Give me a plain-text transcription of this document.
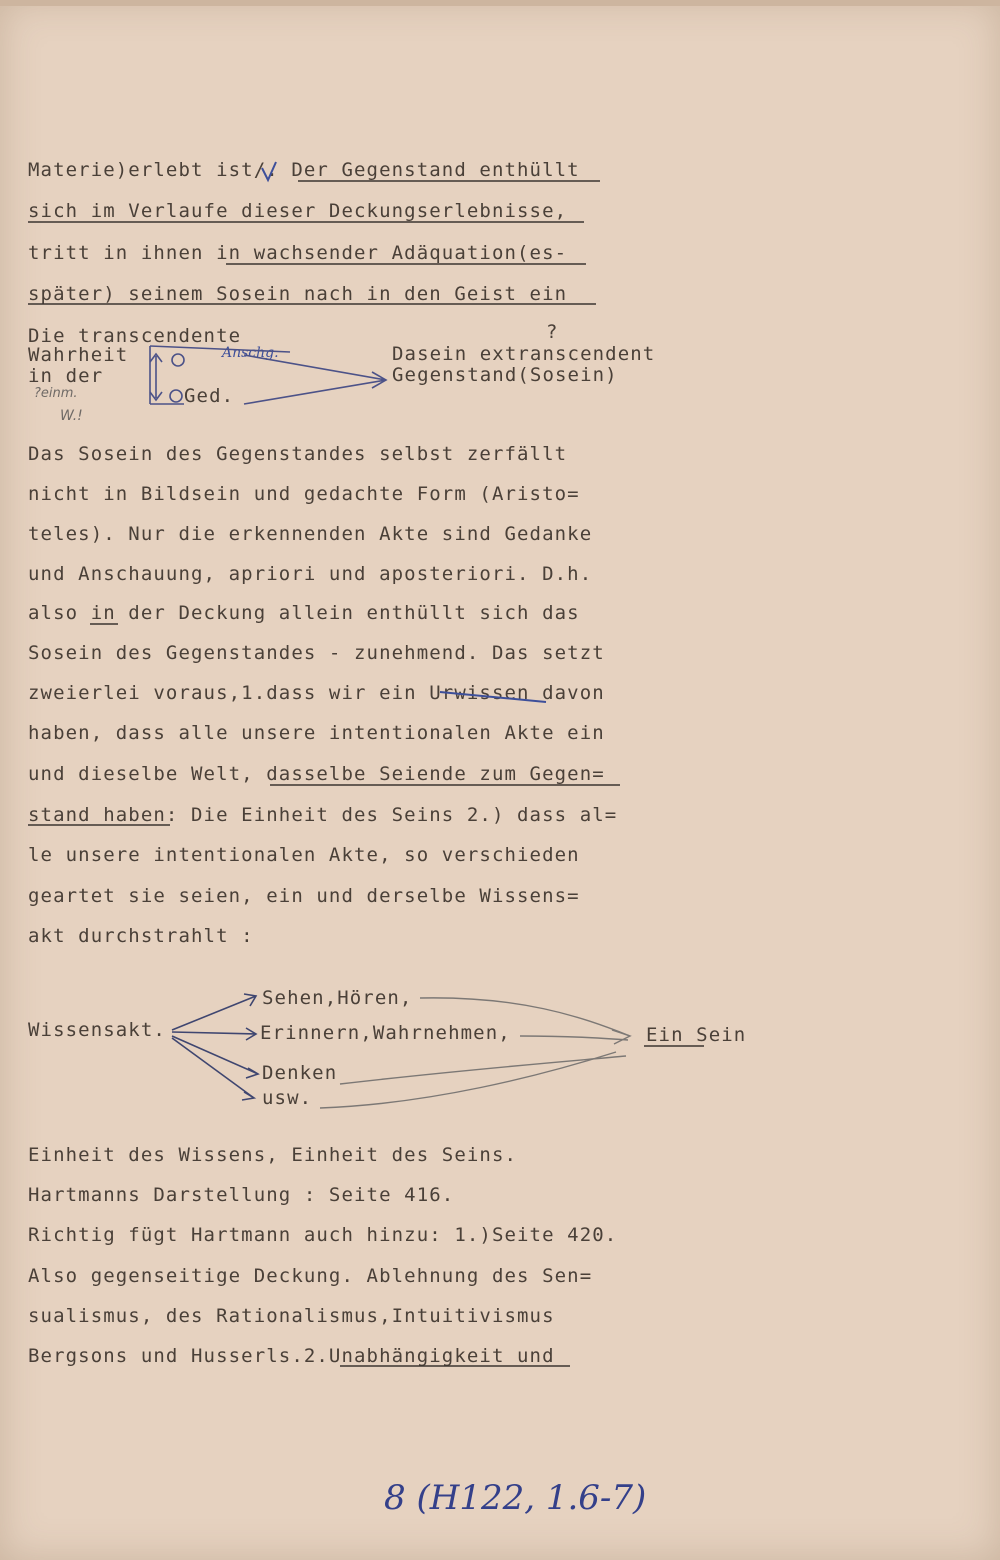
Materie)erlebt ist/. Der Gegenstand enthüllt
sich im Verlaufe dieser Deckungserlebnisse,
tritt in ihnen in wachsender Adäquation(es-
später) seinem Sosein nach in den Geist ein
Die transcendente
Wahrheit
in der
?einm.
W.!
Anschg.
Ged.
?
Dasein extranscendent
Gegenstand(Sosein)
Das Sosein des Gegenstandes selbst zerfällt
nicht in Bildsein und gedachte Form (Aristo=
teles). Nur die erkennenden Akte sind Gedanke
und Anschauung, apriori und aposteriori. D.h.
also in der Deckung allein enthüllt sich das
Sosein des Gegenstandes - zunehmend. Das setzt
zweierlei voraus,1.dass wir ein Urwissen davon
haben, dass alle unsere intentionalen Akte ein
und dieselbe Welt, dasselbe Seiende zum Gegen=
stand haben: Die Einheit des Seins 2.) dass al=
le unsere intentionalen Akte, so verschieden
geartet sie seien, ein und derselbe Wissens=
akt durchstrahlt :
Wissensakt.
Sehen,Hören,
Erinnern,Wahrnehmen,
Denken
usw.
Ein Sein
Einheit des Wissens, Einheit des Seins.
Hartmanns Darstellung : Seite 416.
Richtig fügt Hartmann auch hinzu: 1.)Seite 420.
Also gegenseitige Deckung. Ablehnung des Sen=
sualismus, des Rationalismus,Intuitivismus
Bergsons und Husserls.2.Unabhängigkeit und
8 (H122, 1.6-7)
